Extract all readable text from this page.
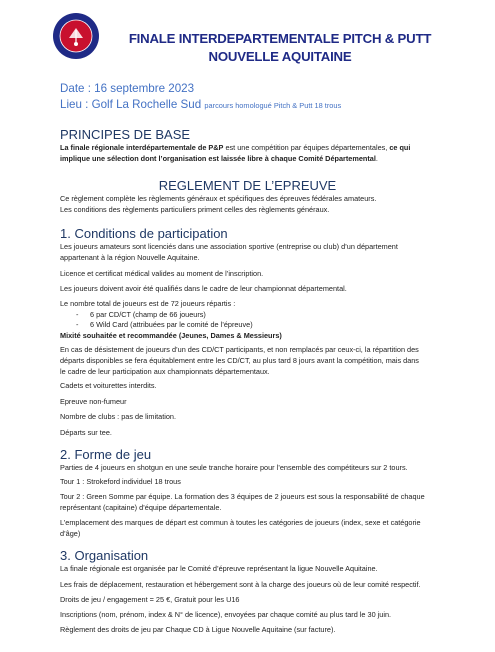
FINALE INTERDEPARTEMENTALE PITCH & PUTT
NOUVELLE AQUITAINE
Date : 16 septembre 2023
Lieu : Golf La Rochelle Sud parcours homologué Pitch & Putt 18 trous
PRINCIPES DE BASE
La finale régionale interdépartementale de P&P est une compétition par équipes départementales, ce qui
implique une sélection dont l’organisation est laissée libre à chaque Comité Départemental.
REGLEMENT DE L’EPREUVE
Ce règlement complète les règlements généraux et spécifiques des épreuves fédérales amateurs.
Les conditions des règlements particuliers priment celles des règlements généraux.
1. Conditions de participation
Les joueurs amateurs sont licenciés dans une association sportive (entreprise ou club) d’un département
appartenant à la région Nouvelle Aquitaine.
Licence et certificat médical valides au moment de l’inscription.
Les joueurs doivent avoir été qualifiés dans le cadre de leur championnat départemental.
Le nombre total de joueurs est de 72 joueurs répartis :
- 6 par CD/CT (champ de 66 joueurs)
- 6 Wild Card (attribuées par le comité de l’épreuve)
Mixité souhaitée et recommandée (Jeunes, Dames & Messieurs)
En cas de désistement de joueurs d’un des CD/CT participants, et non remplacés par ceux-ci, la répartition des
départs disponibles se fera équitablement entre les CD/CT, au plus tard 8 jours avant la compétition, mais dans
le cadre de leur participation aux championnats départementaux.
Cadets et voiturettes interdits.
Epreuve non-fumeur
Nombre de clubs : pas de limitation.
Départs sur tee.
2. Forme de jeu
Parties de 4 joueurs en shotgun en une seule tranche horaire pour l’ensemble des compétiteurs sur 2 tours.
Tour 1 : Strokeford individuel 18 trous
Tour 2 : Green Somme par équipe. La formation des 3 équipes de 2 joueurs est sous la responsabilité de chaque
représentant (capitaine) d’équipe départementale.
L’emplacement des marques de départ est commun à toutes les catégories de joueurs (index, sexe et catégorie
d’âge)
3. Organisation
La finale régionale est organisée par le Comité d’épreuve représentant la ligue Nouvelle Aquitaine.
Les frais de déplacement, restauration et hébergement sont à la charge des joueurs où de leur comité respectif.
Droits de jeu / engagement = 25 €, Gratuit pour les U16
Inscriptions (nom, prénom, index & N° de licence), envoyées par chaque comité au plus tard le 30 juin.
Règlement des droits de jeu par Chaque CD à Ligue Nouvelle Aquitaine (sur facture).
